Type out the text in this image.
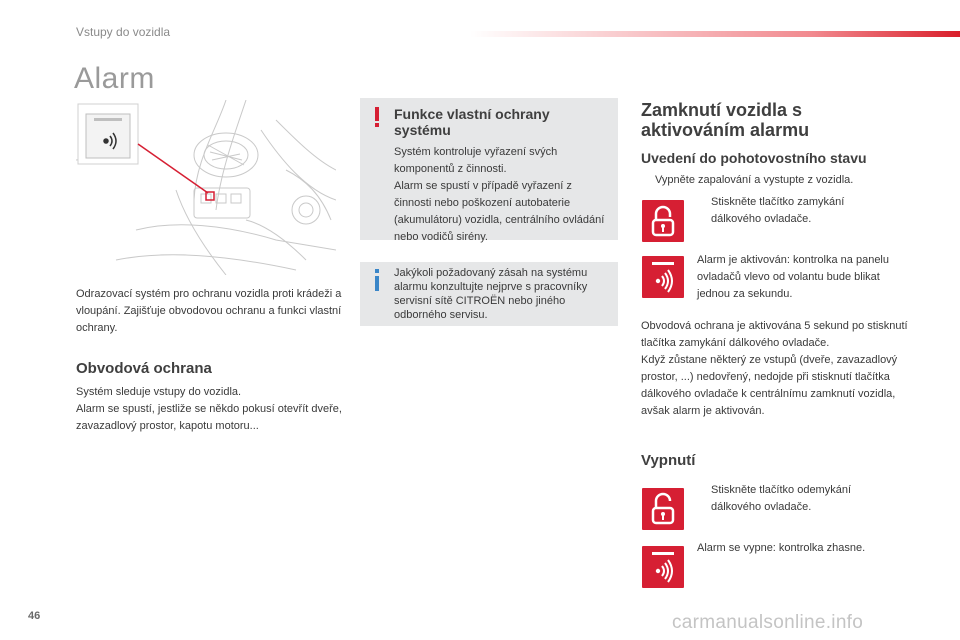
Vstupy do vozidla
Alarm

Odrazovací systém pro ochranu vozidla proti krádeži a vloupání. Zajišťuje obvodovou ochranu a funkci vlastní ochrany.

Obvodová ochrana

Systém sleduje vstupy do vozidla.
Alarm se spustí, jestliže se někdo pokusí otevřít dveře, zavazadlový prostor, kapotu motoru...

Funkce vlastní ochrany systému
Systém kontroluje vyřazení svých komponentů z činnosti.
Alarm se spustí v případě vyřazení z činnosti nebo poškození autobaterie (akumulátoru) vozidla, centrálního ovládání nebo vodičů sirény.
Jakýkoli požadovaný zásah na systému alarmu konzultujte nejprve s pracovníky servisní sítě CITROËN nebo jiného odborného servisu.
Zamknutí vozidla s aktivováním alarmu
Uvedení do pohotovostního stavu
Vypněte zapalování a vystupte z vozidla.
Stiskněte tlačítko zamykání dálkového ovladače.

Alarm je aktivován: kontrolka na panelu ovladačů vlevo od volantu bude blikat jednou za sekundu.

Obvodová ochrana je aktivována 5 sekund po stisknutí tlačítka zamykání dálkového ovladače.
Když zůstane některý ze vstupů (dveře, zavazadlový prostor, ...) nedovřený, nedojde při stisknutí tlačítka dálkového ovladače k centrálnímu zamknutí vozidla, avšak alarm je aktivován.

Vypnutí
Stiskněte tlačítko odemykání dálkového ovladače.

Alarm se vypne: kontrolka zhasne.

46	carmanualsonline.info
